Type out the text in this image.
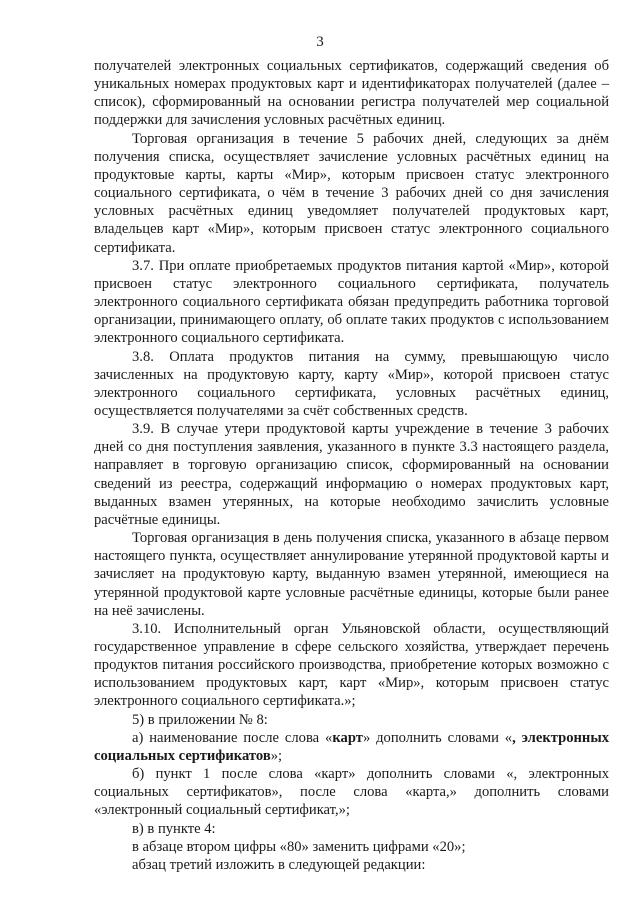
3

получателей электронных социальных сертификатов, содержащий сведения об уникальных номерах продуктовых карт и идентификаторах получателей (далее – список), сформированный на основании регистра получателей мер социальной поддержки для зачисления условных расчётных единиц.

Торговая организация в течение 5 рабочих дней, следующих за днём получения списка, осуществляет зачисление условных расчётных единиц на продуктовые карты, карты «Мир», которым присвоен статус электронного социального сертификата, о чём в течение 3 рабочих дней со дня зачисления условных расчётных единиц уведомляет получателей продуктовых карт, владельцев карт «Мир», которым присвоен статус электронного социального сертификата.

3.7. При оплате приобретаемых продуктов питания картой «Мир», которой присвоен статус электронного социального сертификата, получатель электронного социального сертификата обязан предупредить работника торговой организации, принимающего оплату, об оплате таких продуктов с использованием электронного социального сертификата.

3.8. Оплата продуктов питания на сумму, превышающую число зачисленных на продуктовую карту, карту «Мир», которой присвоен статус электронного социального сертификата, условных расчётных единиц, осуществляется получателями за счёт собственных средств.

3.9. В случае утери продуктовой карты учреждение в течение 3 рабочих дней со дня поступления заявления, указанного в пункте 3.3 настоящего раздела, направляет в торговую организацию список, сформированный на основании сведений из реестра, содержащий информацию о номерах продуктовых карт, выданных взамен утерянных, на которые необходимо зачислить условные расчётные единицы.

Торговая организация в день получения списка, указанного в абзаце первом настоящего пункта, осуществляет аннулирование утерянной продуктовой карты и зачисляет на продуктовую карту, выданную взамен утерянной, имеющиеся на утерянной продуктовой карте условные расчётные единицы, которые были ранее на неё зачислены.

3.10. Исполнительный орган Ульяновской области, осуществляющий государственное управление в сфере сельского хозяйства, утверждает перечень продуктов питания российского производства, приобретение которых возможно с использованием продуктовых карт, карт «Мир», которым присвоен статус электронного социального сертификата.»;

5) в приложении № 8:

а) наименование после слова «карт» дополнить словами «, электронных социальных сертификатов»;

б) пункт 1 после слова «карт» дополнить словами «, электронных социальных сертификатов», после слова «карта,» дополнить словами «электронный социальный сертификат,»;

в) в пункте 4:

в абзаце втором цифры «80» заменить цифрами «20»;

абзац третий изложить в следующей редакции:
